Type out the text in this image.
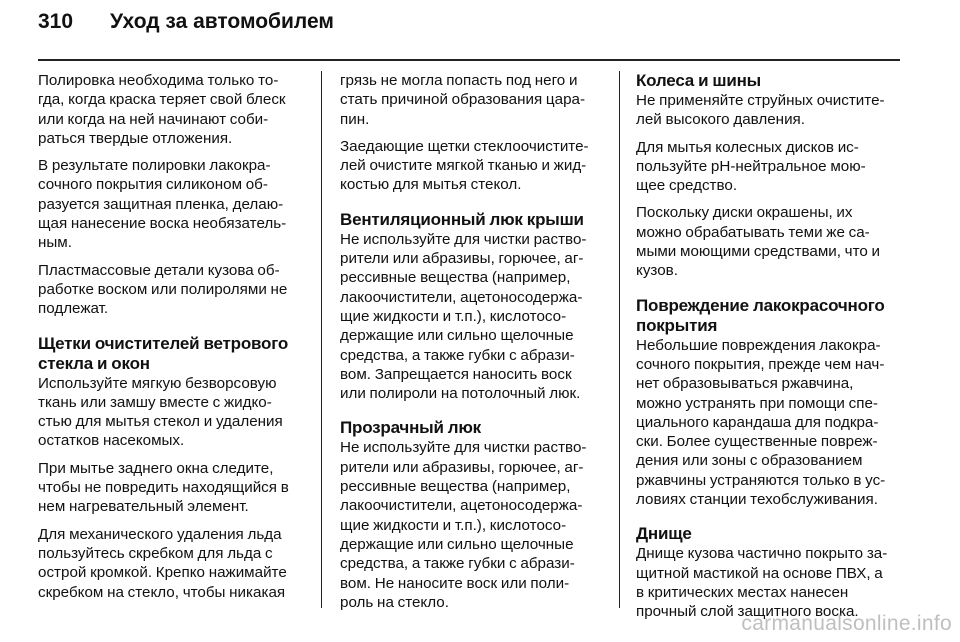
310 Уход за автомобилем
Полировка необходима только то-
гда, когда краска теряет свой блеск
или когда на ней начинают соби-
раться твердые отложения.
В результате полировки лакокра-
сочного покрытия силиконом об-
разуется защитная пленка, делаю-
щая нанесение воска необязатель-
ным.
Пластмассовые детали кузова об-
работке воском или полиролями не
подлежат.
Щетки очистителей ветрового
стекла и окон
Используйте мягкую безворсовую
ткань или замшу вместе с жидко-
стью для мытья стекол и удаления
остатков насекомых.
При мытье заднего окна следите,
чтобы не повредить находящийся в
нем нагревательный элемент.
Для механического удаления льда
пользуйтесь скребком для льда с
острой кромкой. Крепко нажимайте
скребком на стекло, чтобы никакая
грязь не могла попасть под него и
стать причиной образования цара-
пин.
Заедающие щетки стеклоочистите-
лей очистите мягкой тканью и жид-
костью для мытья стекол.
Вентиляционный люк крыши
Не используйте для чистки раство-
рители или абразивы, горючее, аг-
рессивные вещества (например,
лакоочистители, ацетоносодержа-
щие жидкости и т.п.), кислотосо-
держащие или сильно щелочные
средства, а также губки с абрази-
вом. Запрещается наносить воск
или полироли на потолочный люк.
Прозрачный люк
Не используйте для чистки раство-
рители или абразивы, горючее, аг-
рессивные вещества (например,
лакоочистители, ацетоносодержа-
щие жидкости и т.п.), кислотосо-
держащие или сильно щелочные
средства, а также губки с абрази-
вом. Не наносите воск или поли-
роль на стекло.
Колеса и шины
Не применяйте струйных очистите-
лей высокого давления.
Для мытья колесных дисков ис-
пользуйте pH-нейтральное мою-
щее средство.
Поскольку диски окрашены, их
можно обрабатывать теми же са-
мыми моющими средствами, что и
кузов.
Повреждение лакокрасочного
покрытия
Небольшие повреждения лакокра-
сочного покрытия, прежде чем нач-
нет образовываться ржавчина,
можно устранять при помощи спе-
циального карандаша для подкра-
ски. Более существенные повреж-
дения или зоны с образованием
ржавчины устраняются только в ус-
ловиях станции техобслуживания.
Днище
Днище кузова частично покрыто за-
щитной мастикой на основе ПВХ, а
в критических местах нанесен
прочный слой защитного воска.
carmanualsonline.info
